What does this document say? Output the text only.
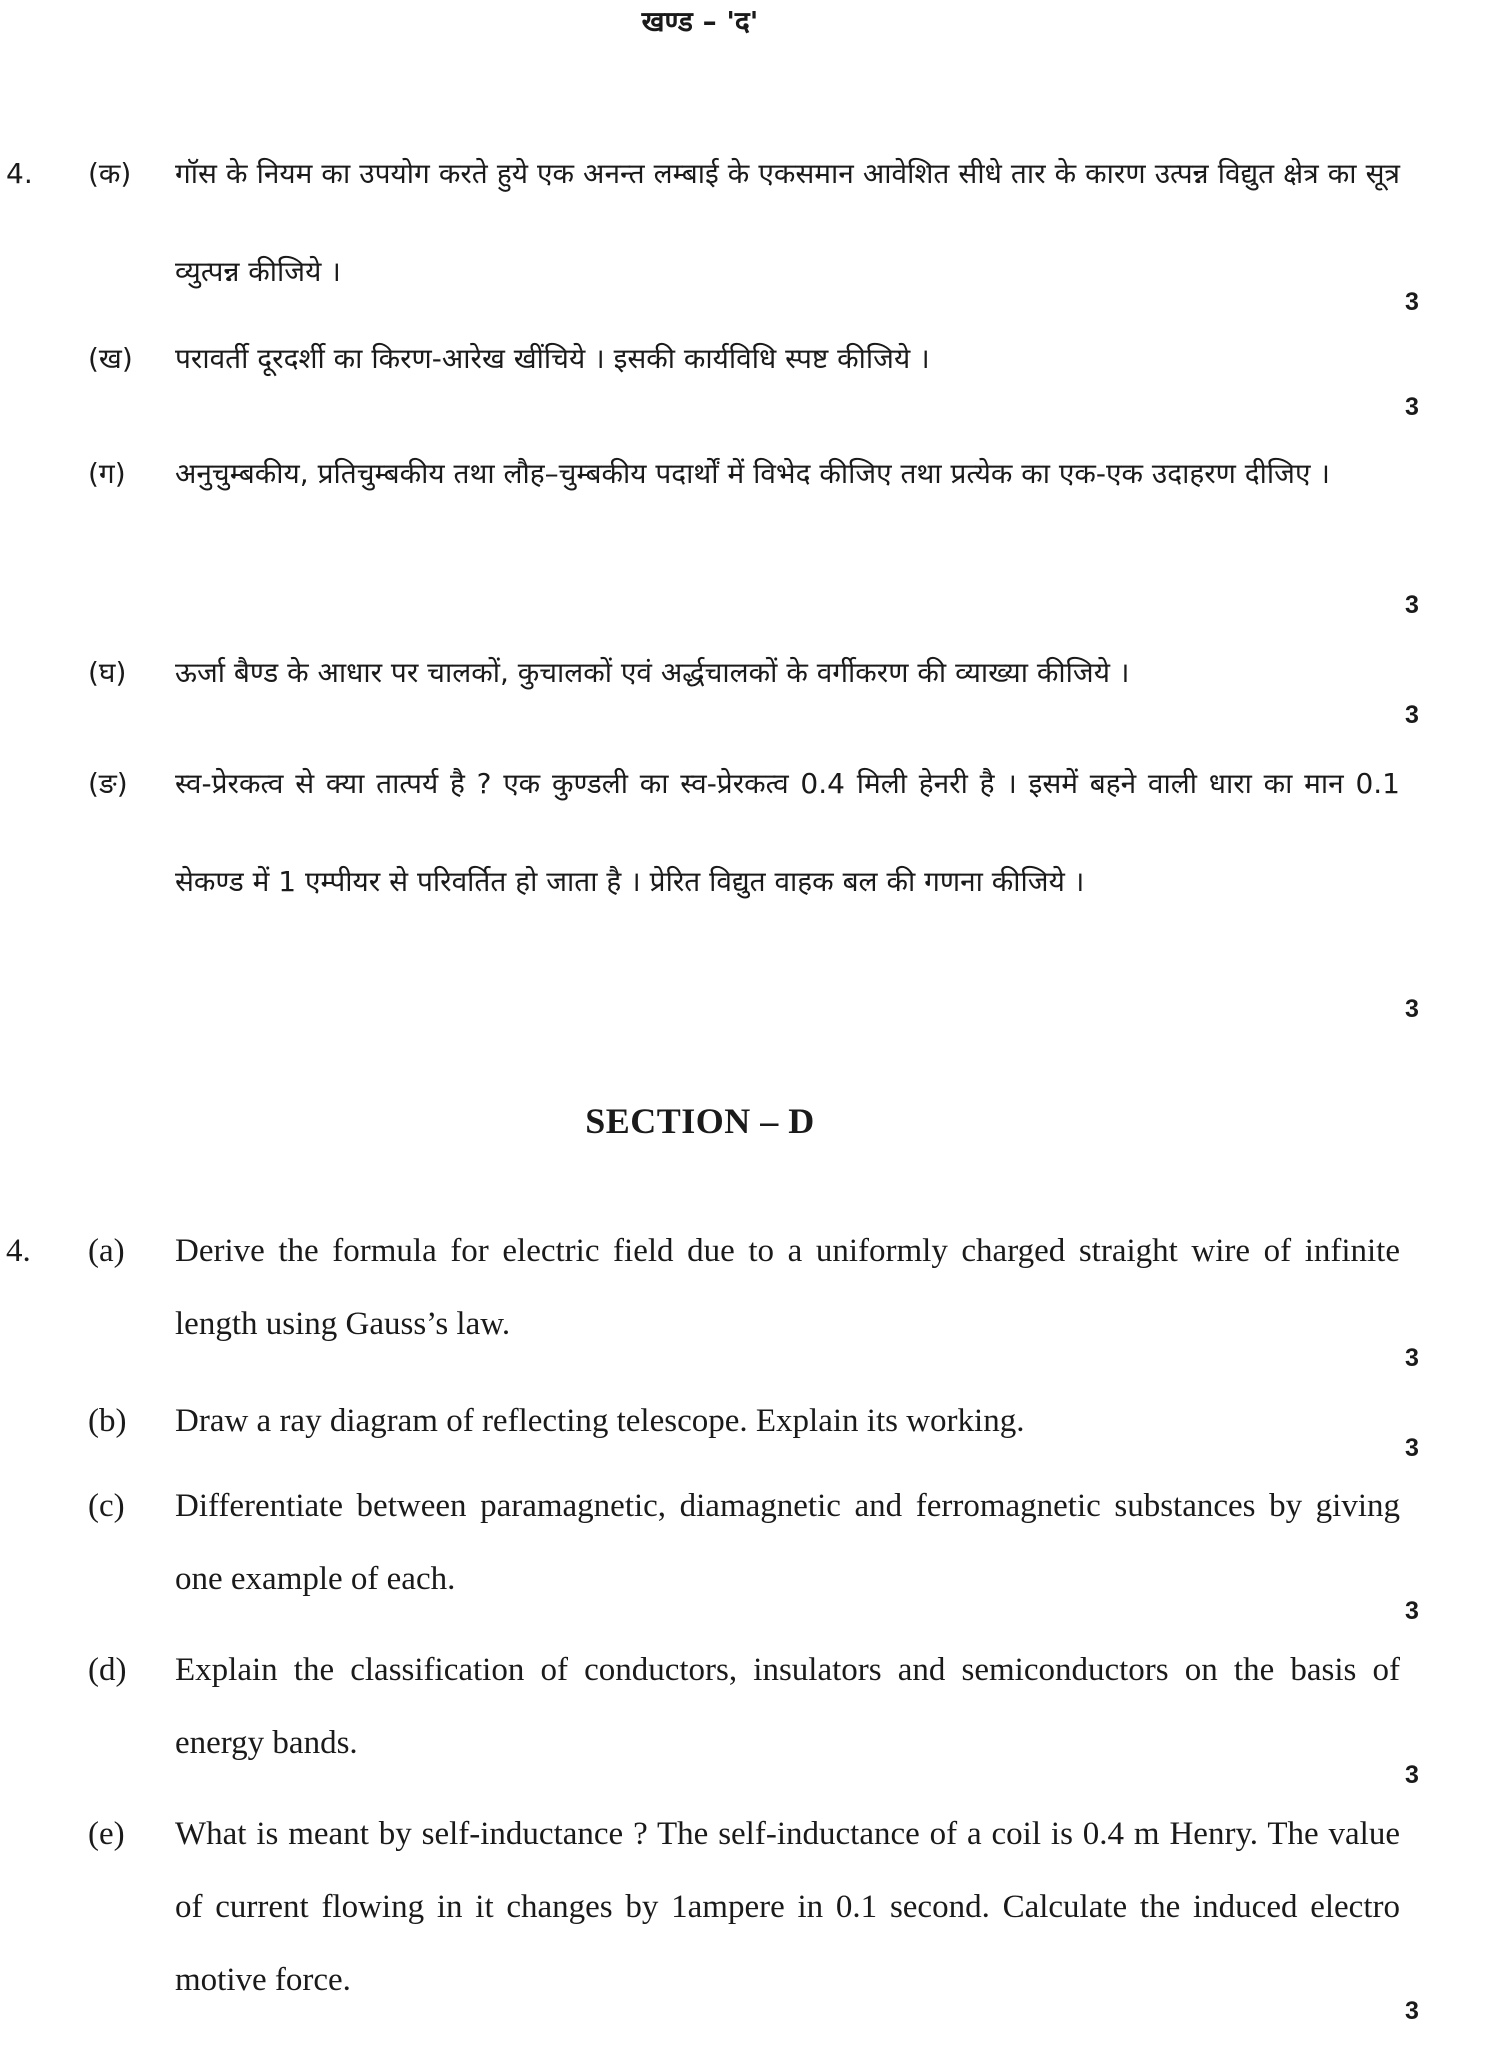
खण्ड – 'द'
4. (क) गॉस के नियम का उपयोग करते हुये एक अनन्त लम्बाई के एकसमान आवेशित सीधे तार के कारण उत्पन्न विद्युत क्षेत्र का सूत्र व्युत्पन्न कीजिये ।
3
(ख) परावर्ती दूरदर्शी का किरण-आरेख खींचिये । इसकी कार्यविधि स्पष्ट कीजिये ।
3
(ग) अनुचुम्बकीय, प्रतिचुम्बकीय तथा लौह–चुम्बकीय पदार्थों में विभेद कीजिए तथा प्रत्येक का एक-एक उदाहरण दीजिए ।
3
(घ) ऊर्जा बैण्ड के आधार पर चालकों, कुचालकों एवं अर्द्धचालकों के वर्गीकरण की व्याख्या कीजिये ।
3
(ङ) स्व-प्रेरकत्व से क्या तात्पर्य है ? एक कुण्डली का स्व-प्रेरकत्व 0.4 मिली हेनरी है । इसमें बहने वाली धारा का मान 0.1 सेकण्ड में 1 एम्पीयर से परिवर्तित हो जाता है । प्रेरित विद्युत वाहक बल की गणना कीजिये ।
3
SECTION – D
4. (a) Derive the formula for electric field due to a uniformly charged straight wire of infinite length using Gauss’s law.
3
(b) Draw a ray diagram of reflecting telescope. Explain its working.
3
(c) Differentiate between paramagnetic, diamagnetic and ferromagnetic substances by giving one example of each.
3
(d) Explain the classification of conductors, insulators and semiconductors on the basis of energy bands.
3
(e) What is meant by self-inductance ? The self-inductance of a coil is 0.4 m Henry. The value of current flowing in it changes by 1ampere in 0.1 second. Calculate the induced electro motive force.
3
